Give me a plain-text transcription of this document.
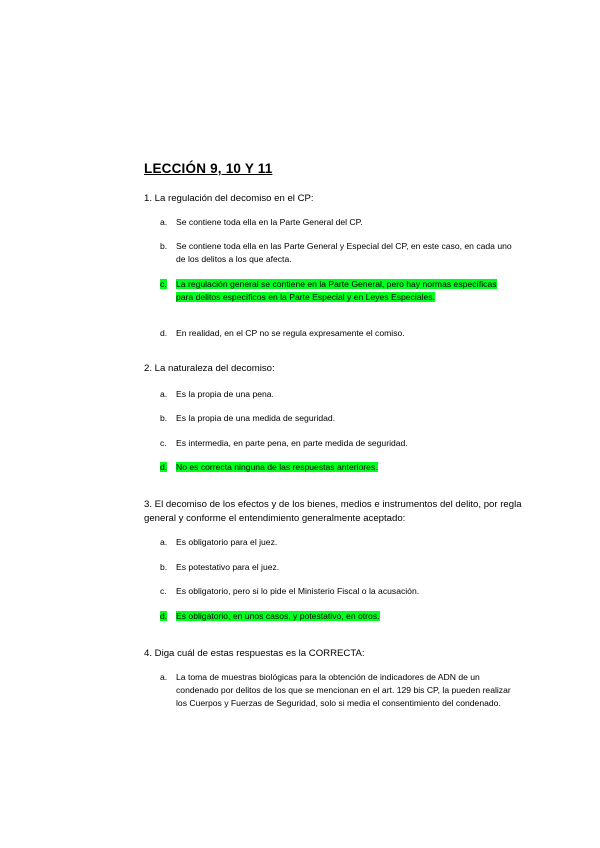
LECCIÓN 9, 10 Y 11
1. La regulación del decomiso en el CP:
a.	Se contiene toda ella en la Parte General del CP.
b.	Se contiene toda ella en las Parte General y Especial del CP, en este caso, en cada uno de los delitos a los que afecta.
c.	La regulación general se contiene en la Parte General, pero hay normas específicas para delitos específicos en la Parte Especial y en Leyes Especiales.
d.	En realidad, en el CP no se regula expresamente el comiso.
2. La naturaleza del decomiso:
a.	Es la propia de una pena.
b.	Es la propia de una medida de seguridad.
c.	Es intermedia, en parte pena, en parte medida de seguridad.
d.	No es correcta ninguna de las respuestas anteriores.
3. El decomiso de los efectos y de los bienes, medios e instrumentos del delito, por regla general y conforme el entendimiento generalmente aceptado:
a.	Es obligatorio para el juez.
b.	Es potestativo para el juez.
c.	Es obligatorio, pero si lo pide el Ministerio Fiscal o la acusación.
d.	Es obligatorio, en unos casos, y potestativo, en otros.
4. Diga cuál de estas respuestas es la CORRECTA:
a.	La toma de muestras biológicas para la obtención de indicadores de ADN de un condenado por delitos de los que se mencionan en el art. 129 bis CP, la pueden realizar los Cuerpos y Fuerzas de Seguridad, solo si media el consentimiento del condenado.
